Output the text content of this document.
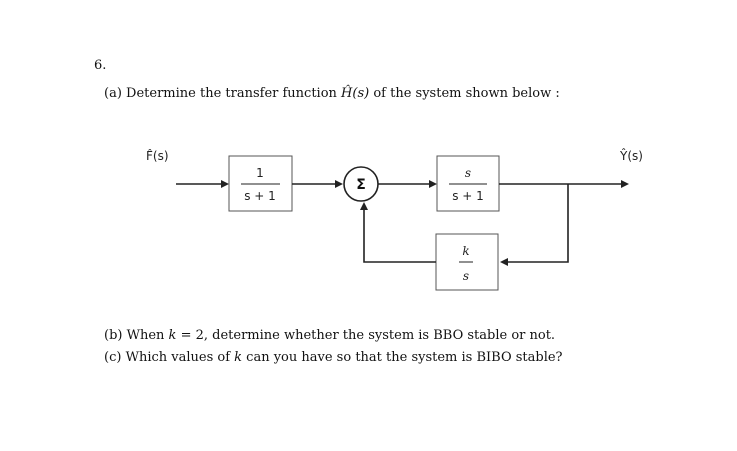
6.
(a) Determine the transfer function Ĥ(s) of the system shown below :
F̂(s)	Ŷ(s)
1
s + 1
Σ
s
s + 1
k
s
(b) When k = 2, determine whether the system is BBO stable or not.
(c) Which values of k can you have so that the system is BIBO stable?
